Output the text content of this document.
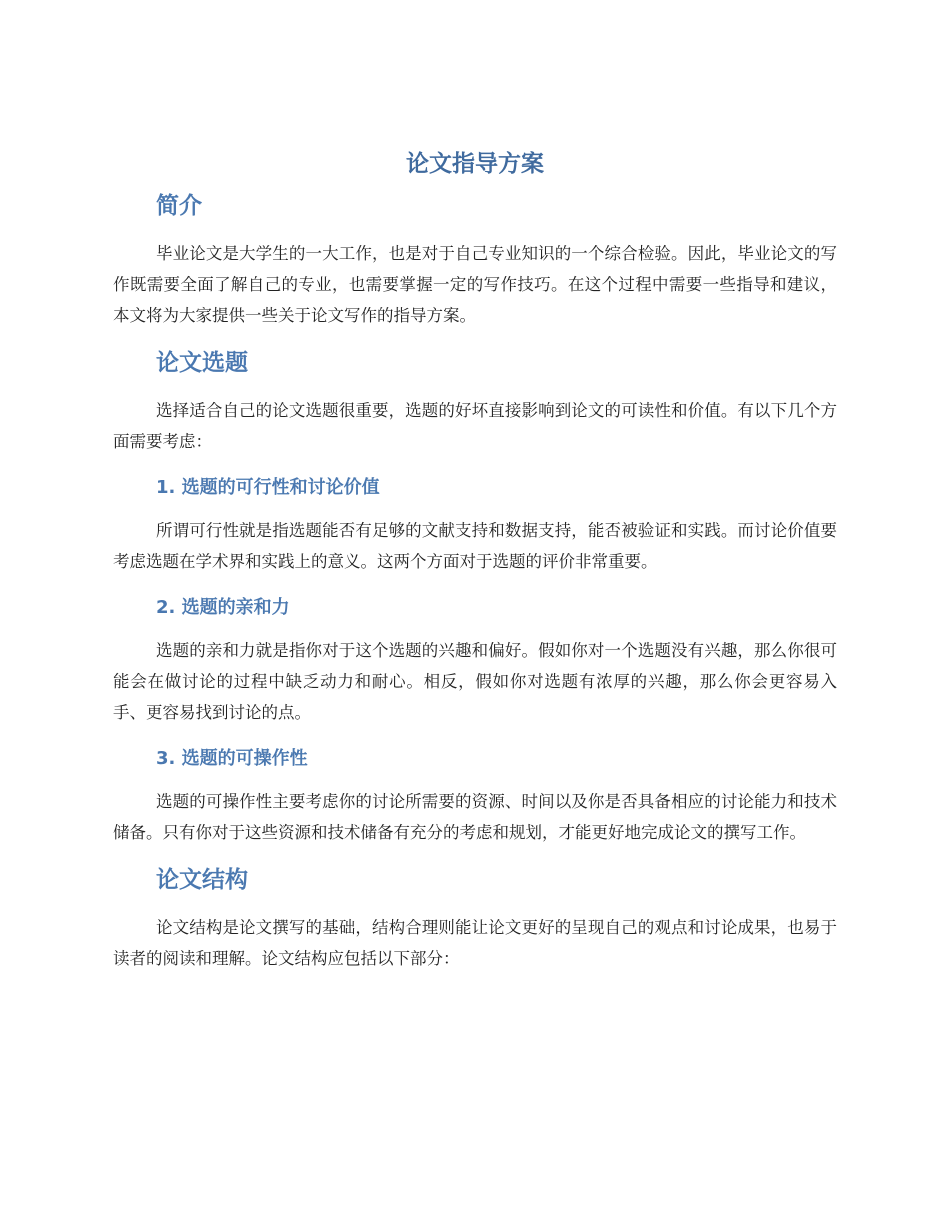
论文指导方案
简介

毕业论文是大学生的一大工作，也是对于自己专业知识的一个综合检验。因此，毕业论文的写作既需要全面了解自己的专业，也需要掌握一定的写作技巧。在这个过程中需要一些指导和建议，本文将为大家提供一些关于论文写作的指导方案。

论文选题

选择适合自己的论文选题很重要，选题的好坏直接影响到论文的可读性和价值。有以下几个方面需要考虑：

1. 选题的可行性和讨论价值

所谓可行性就是指选题能否有足够的文献支持和数据支持，能否被验证和实践。而讨论价值要考虑选题在学术界和实践上的意义。这两个方面对于选题的评价非常重要。

2. 选题的亲和力

选题的亲和力就是指你对于这个选题的兴趣和偏好。假如你对一个选题没有兴趣，那么你很可能会在做讨论的过程中缺乏动力和耐心。相反，假如你对选题有浓厚的兴趣，那么你会更容易入手、更容易找到讨论的点。

3. 选题的可操作性

选题的可操作性主要考虑你的讨论所需要的资源、时间以及你是否具备相应的讨论能力和技术储备。只有你对于这些资源和技术储备有充分的考虑和规划，才能更好地完成论文的撰写工作。

论文结构

论文结构是论文撰写的基础，结构合理则能让论文更好的呈现自己的观点和讨论成果，也易于读者的阅读和理解。论文结构应包括以下部分：
